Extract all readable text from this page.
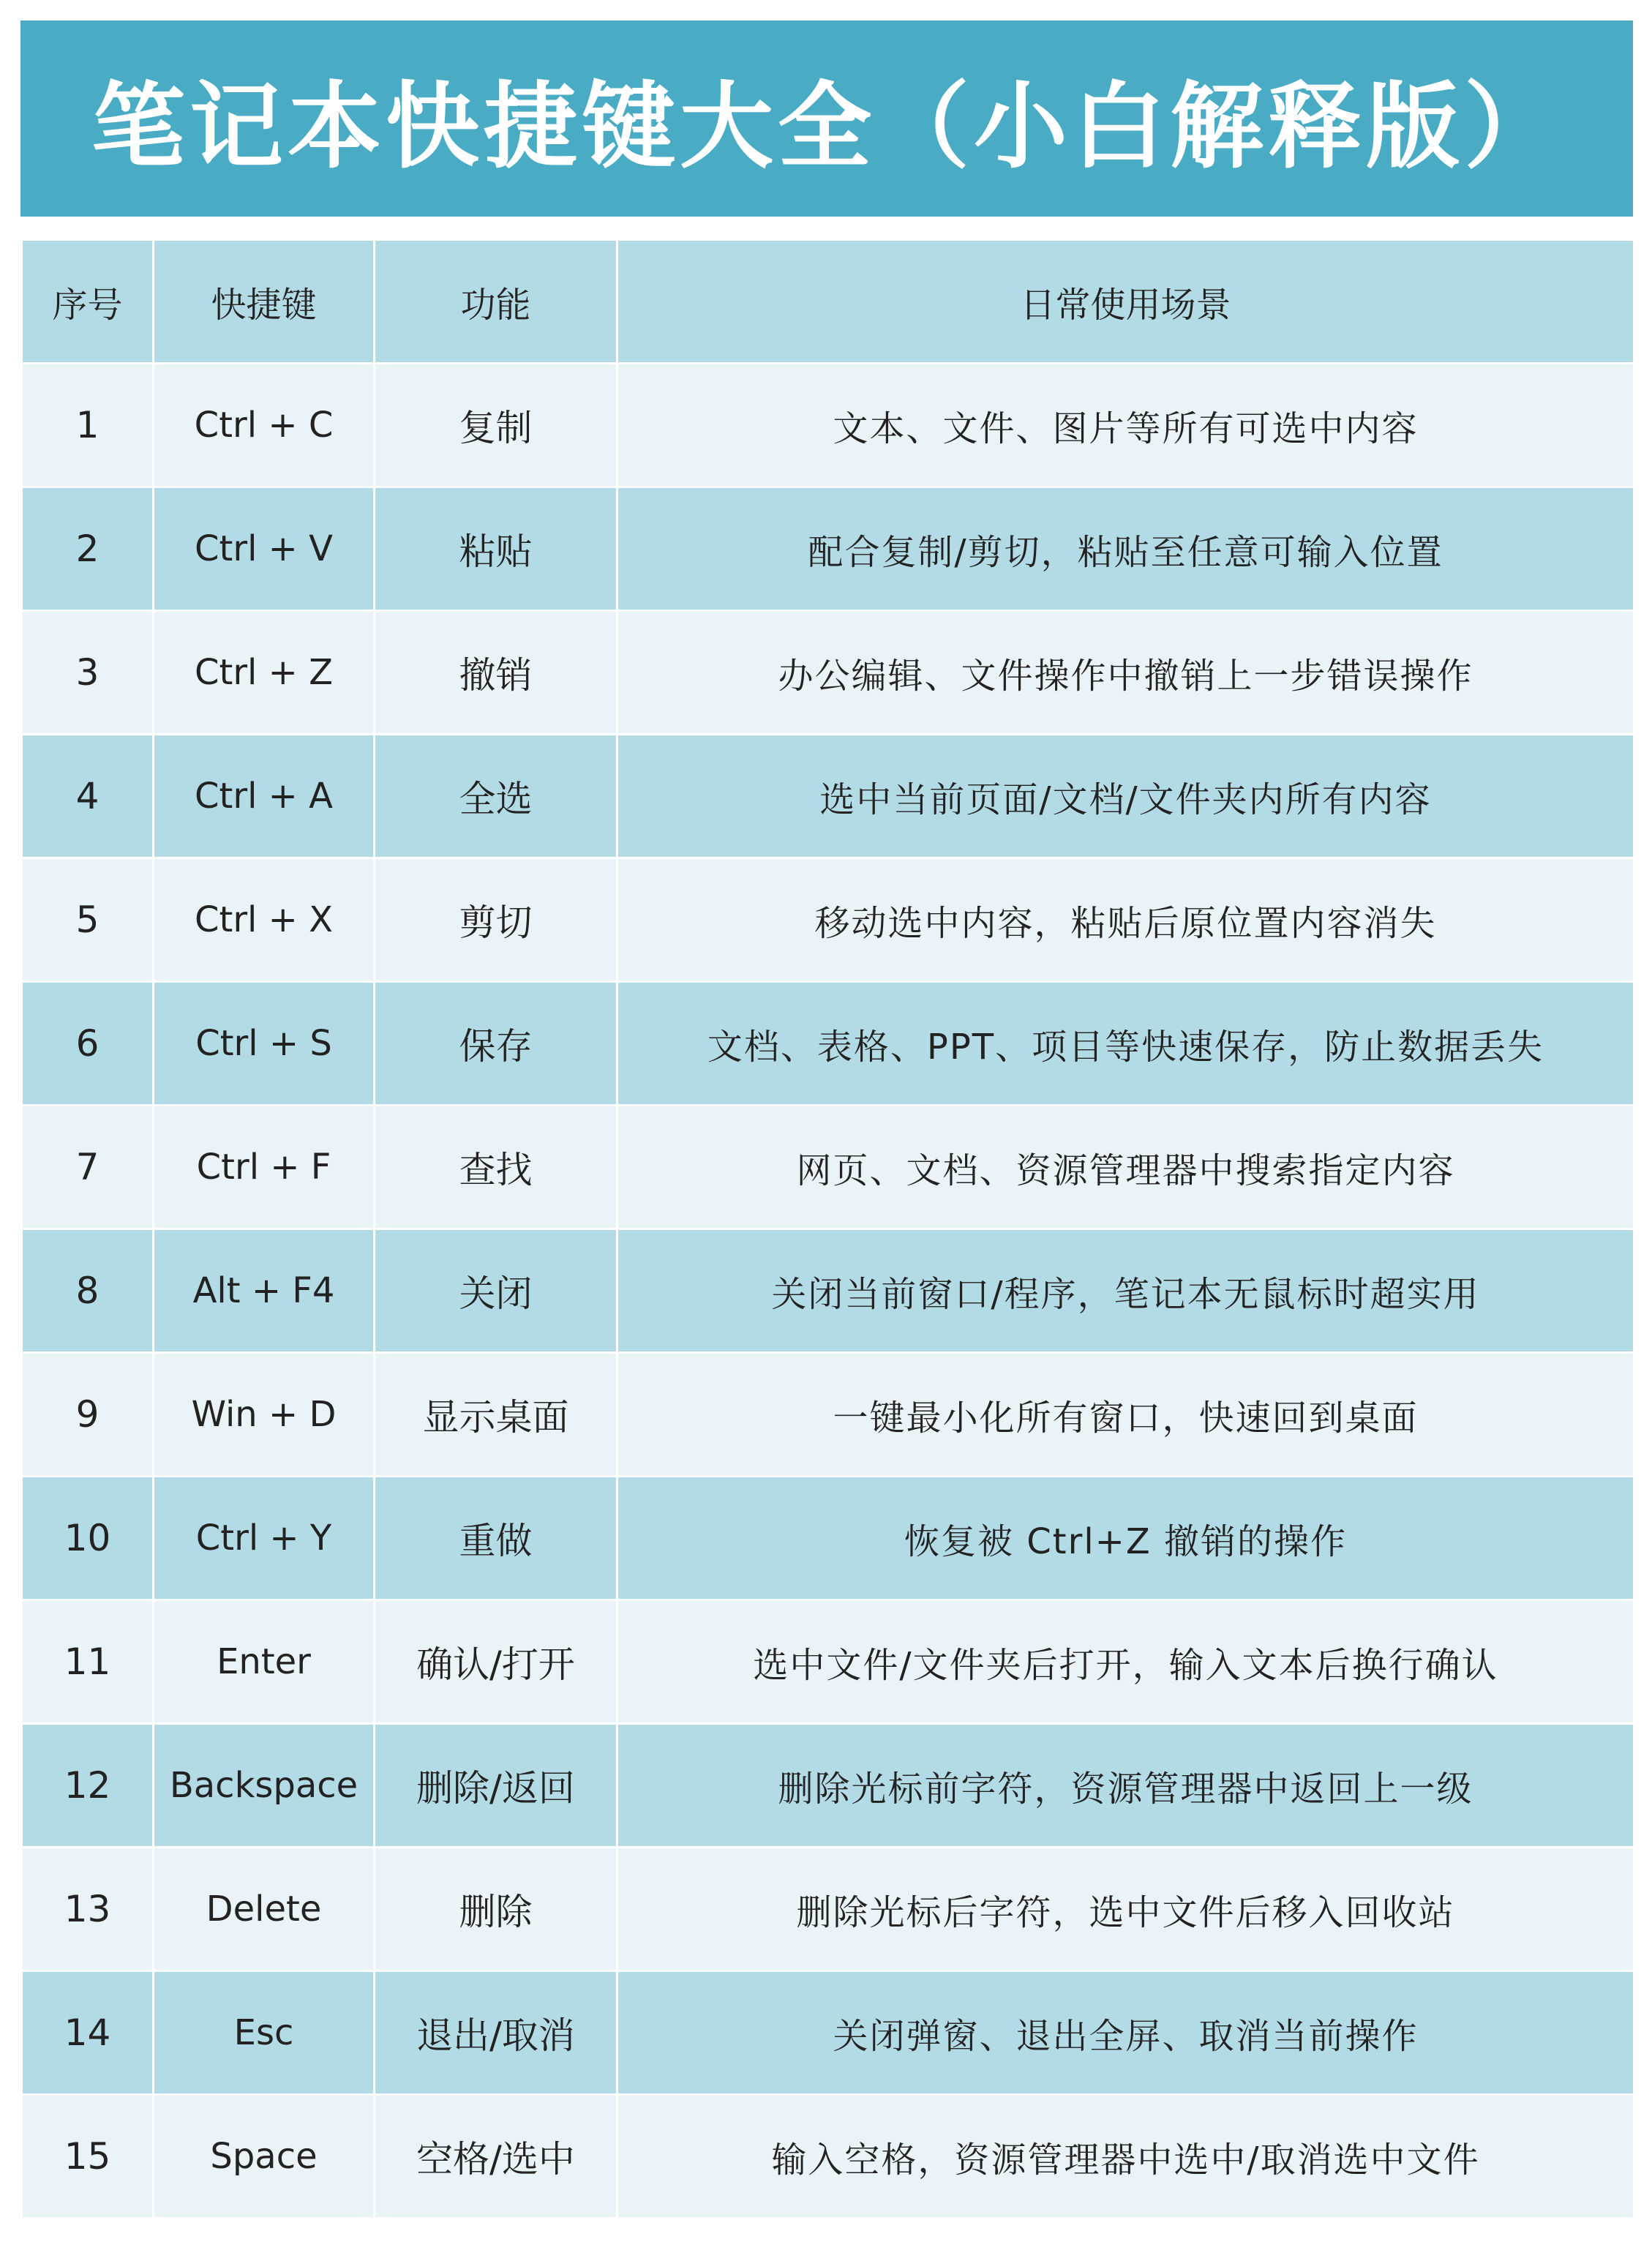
笔记本快捷键大全（小白解释版）
序号	快捷键	功能	日常使用场景
1	Ctrl + C	复制	文本、文件、图片等所有可选中内容
2	Ctrl + V	粘贴	配合复制/剪切，粘贴至任意可输入位置
3	Ctrl + Z	撤销	办公编辑、文件操作中撤销上一步错误操作
4	Ctrl + A	全选	选中当前页面/文档/文件夹内所有内容
5	Ctrl + X	剪切	移动选中内容，粘贴后原位置内容消失
6	Ctrl + S	保存	文档、表格、PPT、项目等快速保存，防止数据丢失
7	Ctrl + F	查找	网页、文档、资源管理器中搜索指定内容
8	Alt + F4	关闭	关闭当前窗口/程序，笔记本无鼠标时超实用
9	Win + D	显示桌面	一键最小化所有窗口，快速回到桌面
10	Ctrl + Y	重做	恢复被 Ctrl+Z 撤销的操作
11	Enter	确认/打开	选中文件/文件夹后打开，输入文本后换行确认
12	Backspace	删除/返回	删除光标前字符，资源管理器中返回上一级
13	Delete	删除	删除光标后字符，选中文件后移入回收站
14	Esc	退出/取消	关闭弹窗、退出全屏、取消当前操作
15	Space	空格/选中	输入空格，资源管理器中选中/取消选中文件
